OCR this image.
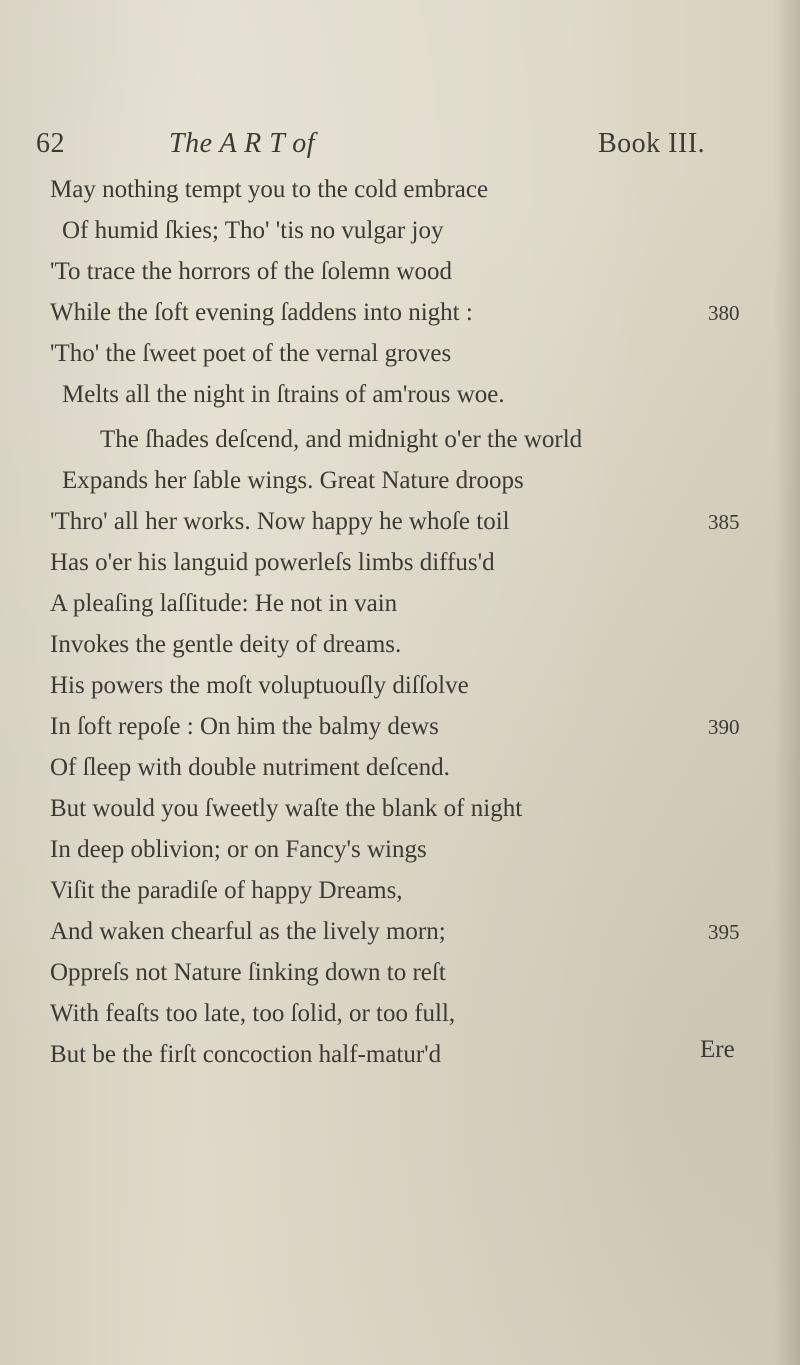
62	The A R T of	Book III.
May nothing tempt you to the cold embrace
Of humid ſkies; Tho' 'tis no vulgar joy
'To trace the horrors of the ſolemn wood
While the ſoft evening ſaddens into night :	380
'Tho' the ſweet poet of the vernal groves
Melts all the night in ſtrains of am'rous woe.
The ſhades deſcend, and midnight o'er the world
Expands her ſable wings. Great Nature droops
'Thro' all her works. Now happy he whoſe toil	385
Has o'er his languid powerleſs limbs diffus'd
A pleaſing laſſitude: He not in vain
Invokes the gentle deity of dreams.
His powers the moſt voluptuouſly diſſolve
In ſoft repoſe : On him the balmy dews	390
Of ſleep with double nutriment deſcend.
But would you ſweetly waſte the blank of night
In deep oblivion; or on Fancy's wings
Viſit the paradiſe of happy Dreams,
And waken chearful as the lively morn;	395
Oppreſs not Nature ſinking down to reſt
With feaſts too late, too ſolid, or too full,
But be the firſt concoction half-matur'd	Ere
